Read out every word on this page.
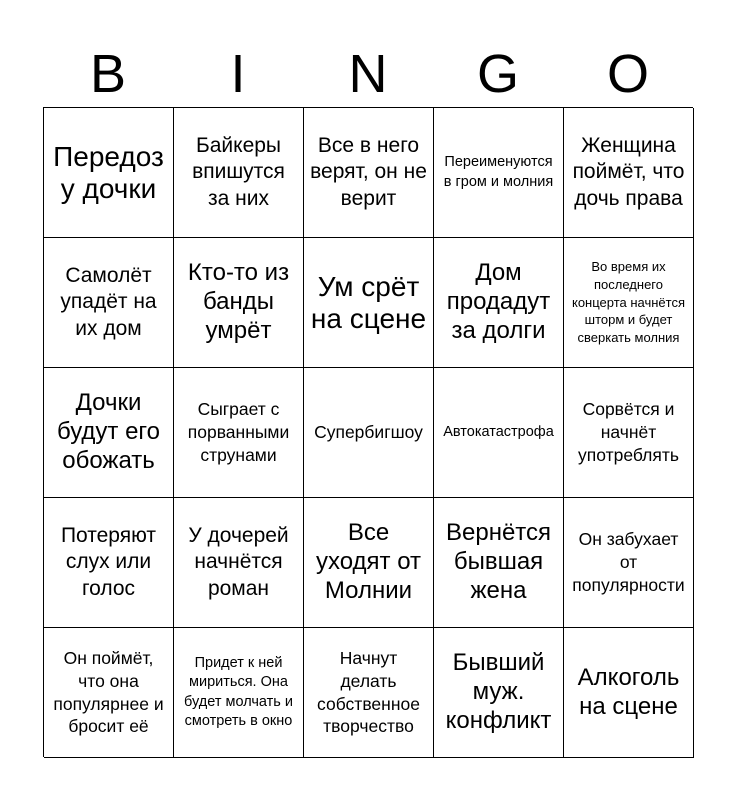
B	I	N	G	O
Передоз у дочки
Байкеры впишутся за них
Все в него верят, он не верит
Переименуются в гром и молния
Женщина поймёт, что дочь права
Самолёт упадёт на их дом
Кто-то из банды умрёт
Ум срёт на сцене
Дом продадут за долги
Во время их последнего концерта начнётся шторм и будет сверкать молния
Дочки будут его обожать
Сыграет с порванными струнами
Супербигшоу	Автокатастрофа
Сорвётся и начнёт употреблять
Потеряют слух или голос
У дочерей начнётся роман
Все уходят от Молнии
Вернётся бывшая жена
Он забухает от популярности
Он поймёт, что она популярнее и бросит её
Придет к ней мириться. Она будет молчать и смотреть в окно
Начнут делать собственное творчество
Бывший муж. конфликт
Алкоголь на сцене
